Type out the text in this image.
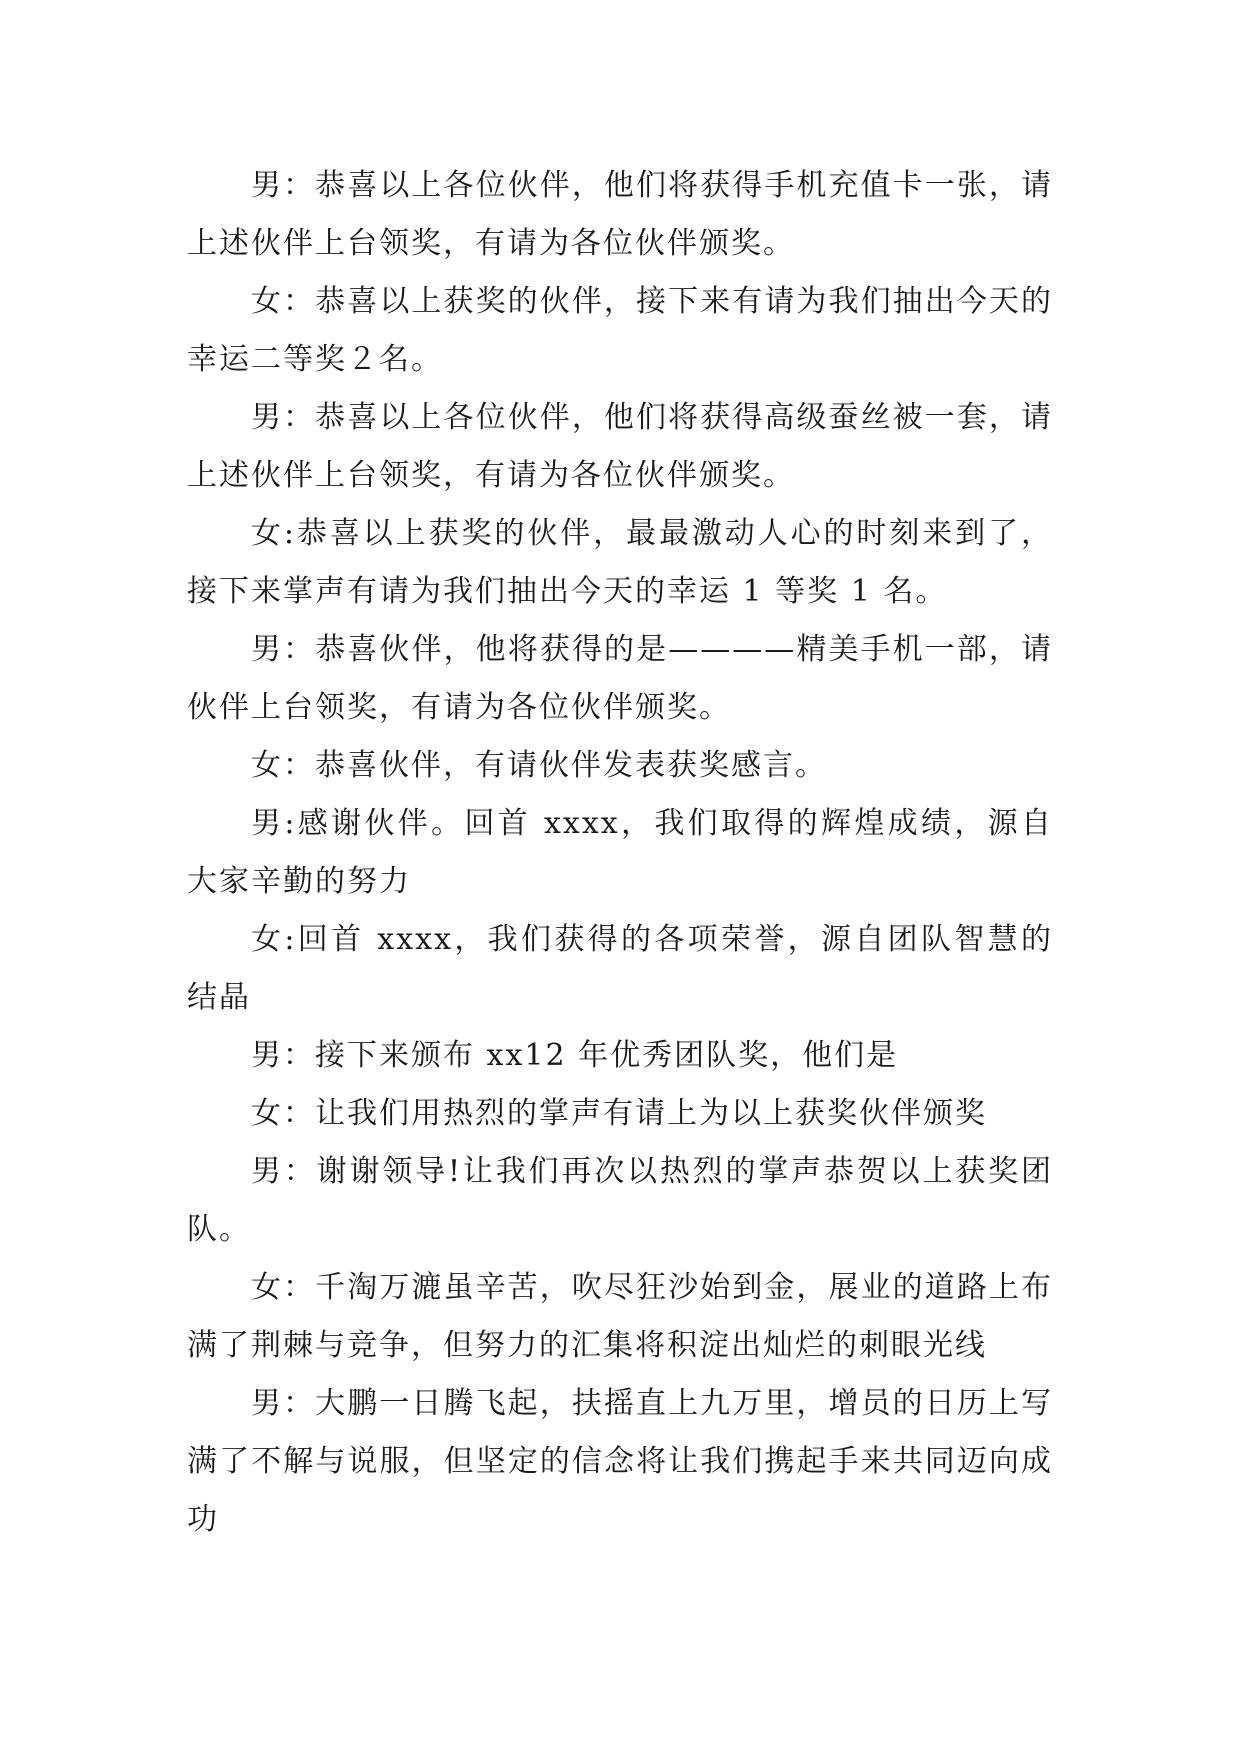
男：恭喜以上各位伙伴，他们将获得手机充值卡一张，请上述伙伴上台领奖，有请为各位伙伴颁奖。

女：恭喜以上获奖的伙伴，接下来有请为我们抽出今天的幸运二等奖２名。

男：恭喜以上各位伙伴，他们将获得高级蚕丝被一套，请上述伙伴上台领奖，有请为各位伙伴颁奖。

女:恭喜以上获奖的伙伴，最最激动人心的时刻来到了，接下来掌声有请为我们抽出今天的幸运 1 等奖 1 名。

男：恭喜伙伴，他将获得的是————精美手机一部，请伙伴上台领奖，有请为各位伙伴颁奖。

女：恭喜伙伴，有请伙伴发表获奖感言。

男:感谢伙伴。回首 xxxx，我们取得的辉煌成绩，源自大家辛勤的努力

女:回首 xxxx，我们获得的各项荣誉，源自团队智慧的结晶

男：接下来颁布 xx12 年优秀团队奖，他们是

女：让我们用热烈的掌声有请上为以上获奖伙伴颁奖

男：谢谢领导!让我们再次以热烈的掌声恭贺以上获奖团队。

女：千淘万漉虽辛苦，吹尽狂沙始到金，展业的道路上布满了荆棘与竞争，但努力的汇集将积淀出灿烂的刺眼光线

男：大鹏一日腾飞起，扶摇直上九万里，增员的日历上写满了不解与说服，但坚定的信念将让我们携起手来共同迈向成功
